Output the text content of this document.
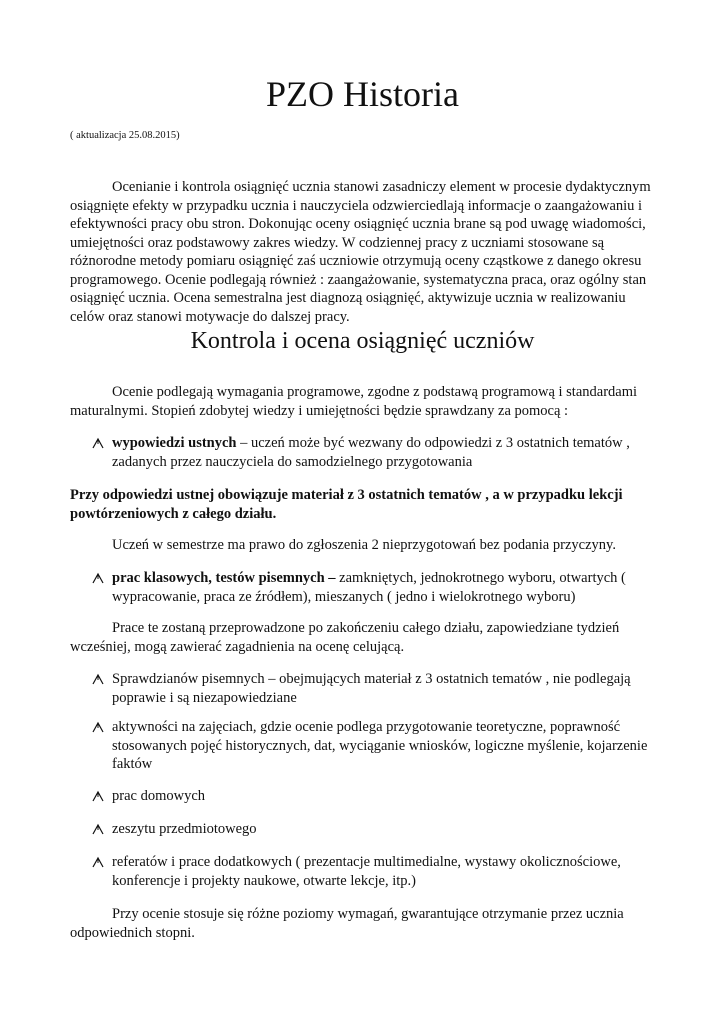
PZO Historia
( aktualizacja 25.08.2015)

Ocenianie i kontrola osiągnięć ucznia stanowi zasadniczy element w procesie dydaktycznym osiągnięte efekty w przypadku ucznia i nauczyciela odzwierciedlają informacje o zaangażowaniu i efektywności pracy obu stron. Dokonując oceny osiągnięć ucznia brane są pod uwagę wiadomości, umiejętności oraz podstawowy zakres wiedzy. W codziennej pracy z uczniami stosowane są różnorodne metody pomiaru osiągnięć zaś uczniowie otrzymują oceny cząstkowe z danego okresu programowego. Ocenie podlegają również : zaangażowanie, systematyczna praca, oraz ogólny stan osiągnięć ucznia. Ocena semestralna jest diagnozą osiągnięć, aktywizuje ucznia w realizowaniu celów oraz stanowi motywacje do dalszej pracy.

Kontrola i ocena osiągnięć uczniów

Ocenie podlegają wymagania programowe, zgodne z podstawą programową i standardami maturalnymi. Stopień zdobytej wiedzy i umiejętności będzie sprawdzany za pomocą :

wypowiedzi ustnych – uczeń może być wezwany do odpowiedzi z 3 ostatnich tematów , zadanych przez nauczyciela do samodzielnego przygotowania

Przy odpowiedzi ustnej obowiązuje materiał z 3 ostatnich tematów , a w przypadku lekcji powtórzeniowych z całego działu.

Uczeń w semestrze ma prawo do zgłoszenia 2 nieprzygotowań bez podania przyczyny.

prac klasowych, testów pisemnych – zamkniętych, jednokrotnego wyboru, otwartych ( wypracowanie, praca ze źródłem), mieszanych ( jedno i wielokrotnego wyboru)

Prace te zostaną przeprowadzone po zakończeniu całego działu, zapowiedziane tydzień wcześniej, mogą zawierać zagadnienia na ocenę celującą.

Sprawdzianów pisemnych – obejmujących materiał z 3 ostatnich tematów , nie podlegają poprawie i są niezapowiedziane
aktywności na zajęciach, gdzie ocenie podlega przygotowanie teoretyczne, poprawność stosowanych pojęć historycznych, dat, wyciąganie wniosków, logiczne myślenie, kojarzenie faktów
prac domowych
zeszytu przedmiotowego
referatów i prace dodatkowych ( prezentacje multimedialne, wystawy okolicznościowe, konferencje i projekty naukowe, otwarte lekcje, itp.)

Przy ocenie stosuje się różne poziomy wymagań, gwarantujące otrzymanie przez ucznia odpowiednich stopni.
